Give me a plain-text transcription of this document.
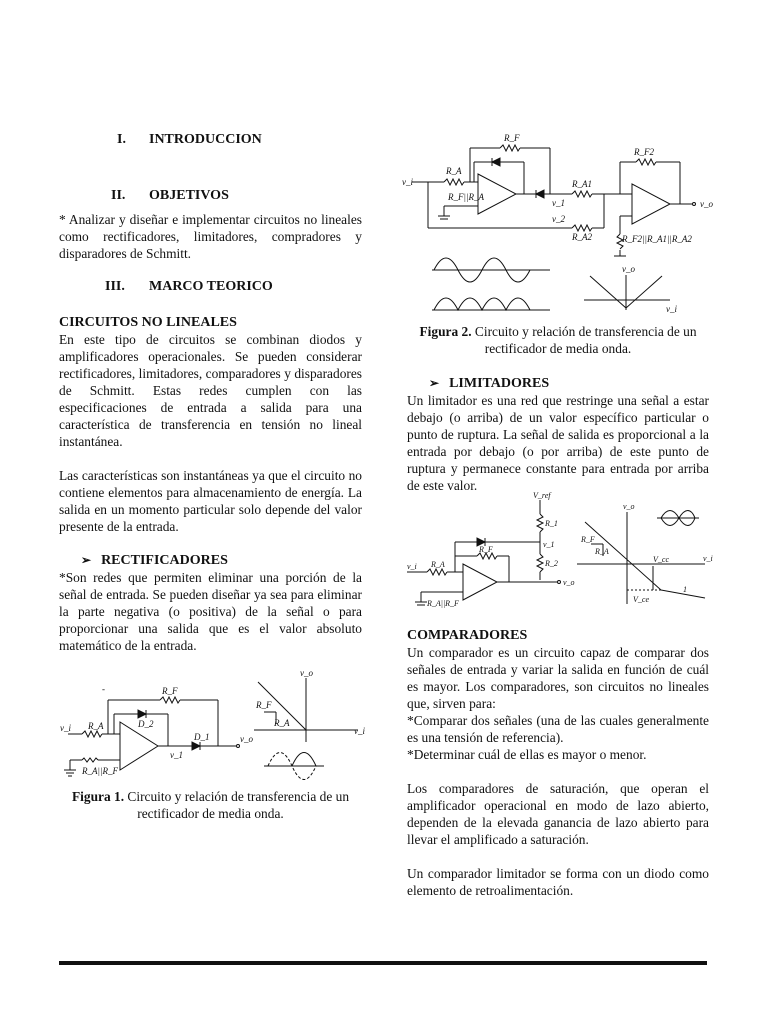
I. INTRODUCCION
II. OBJETIVOS
* Analizar y diseñar e implementar circuitos no lineales como rectificadores, limitadores, compradores y disparadores de Schmitt.
III. MARCO TEORICO
CIRCUITOS NO LINEALES
En este tipo de circuitos se combinan diodos y amplificadores operacionales. Se pueden considerar rectificadores, limitadores, comparadores y disparadores de Schmitt. Estas redes cumplen con las especificaciones de entrada a salida para una característica de transferencia en tensión no lineal instantánea.
Las características son instantáneas ya que el circuito no contiene elementos para almacenamiento de energía. La salida en un momento particular solo depende del valor presente de la entrada.
➢ RECTIFICADORES
*Son redes que permiten eliminar una porción de la señal de entrada. Se pueden diseñar ya sea para eliminar la parte negativa (o positiva) de la señal o para proporcionar una salida que es el valor absoluto matemático de la entrada.
R_F
R_A	D_2
D_1
v_i
v_o
v_1
R_A||R_F
-
v_o
v_i
R_F
R_A
Figura 1. Circuito y relación de transferencia de un rectificador de media onda.
R_F
R_A
R_F2
R_A1
R_A2
R_F||R_A
R_F2||R_A1||R_A2
v_i
v_o
v_1
v_2
v_o
v_i
Figura 2. Circuito y relación de transferencia de un rectificador de media onda.
➢ LIMITADORES
Un limitador es una red que restringe una señal a estar debajo (o arriba) de un valor específico particular o punto de ruptura. La señal de salida es proporcional a la entrada por debajo (o por arriba) de este punto de ruptura y permanece constante para entrada por arriba de este valor.
V_ref
R_1
R_2
R_F
R_A
v_1
v_i
v_o
R_A||R_F
v_o
v_i
R_F
R_A
V_cc
V_ce
1
COMPARADORES
Un comparador es un circuito capaz de comparar dos señales de entrada y variar la salida en función de cuál es mayor. Los comparadores, son circuitos no lineales que, sirven para:
*Comparar dos señales (una de las cuales generalmente es una tensión de referencia).
*Determinar cuál de ellas es mayor o menor.
Los comparadores de saturación, que operan el amplificador operacional en modo de lazo abierto, dependen de la elevada ganancia de lazo abierto para llevar el amplificado a saturación.
Un comparador limitador se forma con un diodo como elemento de retroalimentación.
